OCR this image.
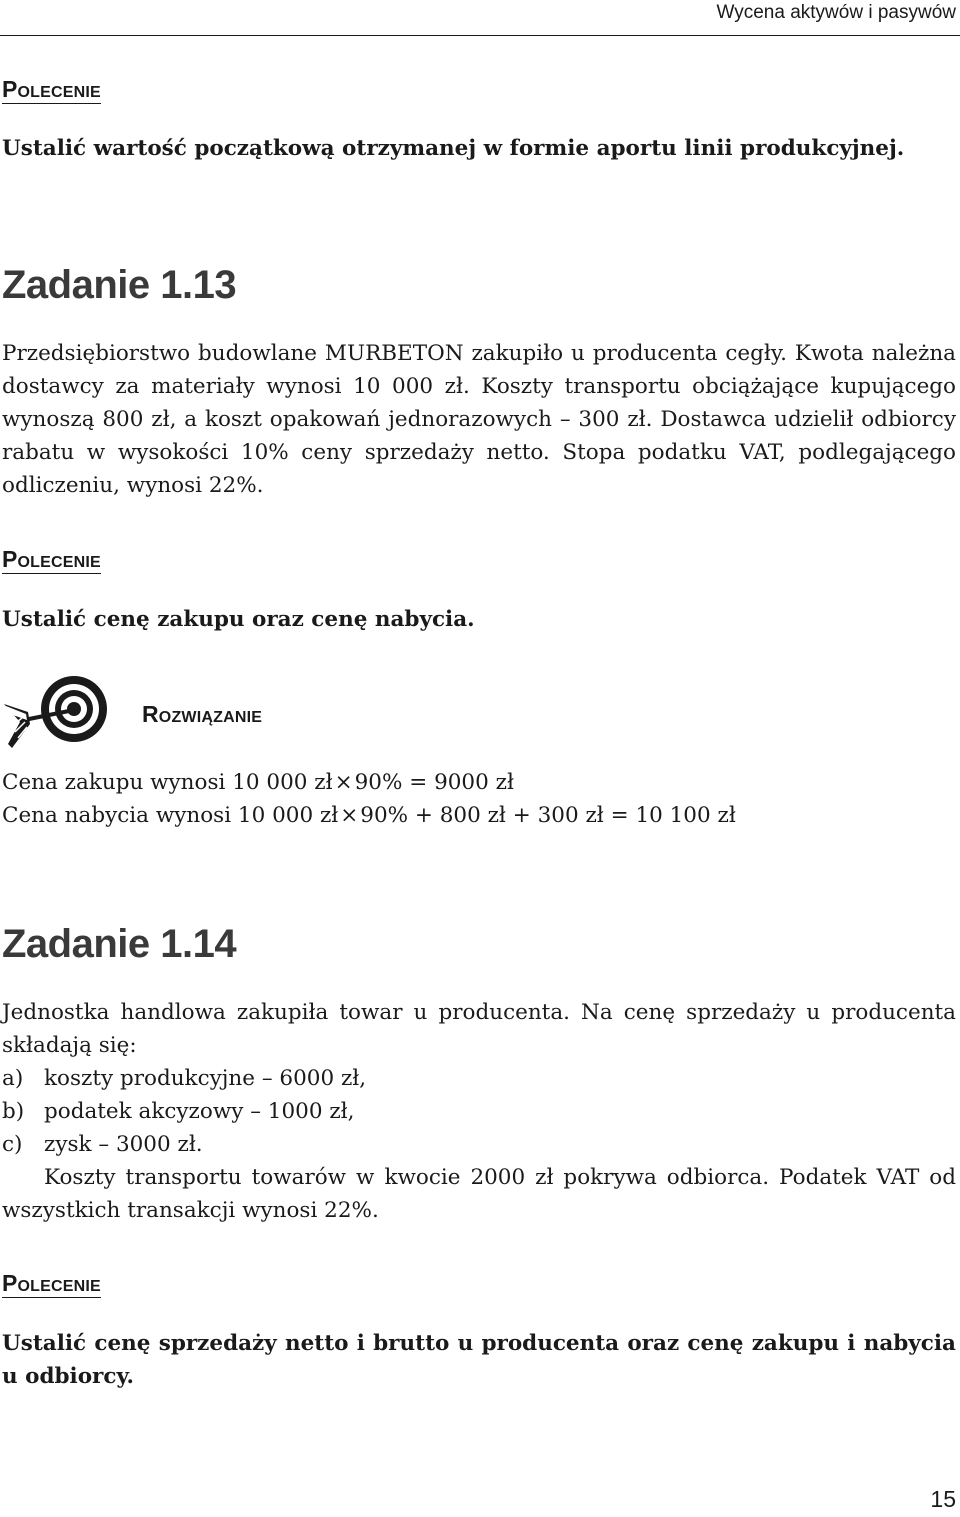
Wycena aktywów i pasywów
Polecenie
Ustalić wartość początkową otrzymanej w formie aportu linii produkcyjnej.
Zadanie 1.13

Przedsiębiorstwo budowlane MURBETON zakupiło u producenta cegły. Kwota należna dostawcy za materiały wynosi 10 000 zł. Koszty transportu obciążające kupującego wynoszą 800 zł, a koszt opakowań jednorazowych – 300 zł. Dostawca udzielił odbiorcy rabatu w wysokości 10% ceny sprzedaży netto. Stopa podatku VAT, podlegającego odliczeniu, wynosi 22%.

Polecenie
Ustalić cenę zakupu oraz cenę nabycia.
Rozwiązanie
Cena zakupu wynosi 10 000 zł×90% = 9000 zł
Cena nabycia wynosi 10 000 zł×90% + 800 zł + 300 zł = 10 100 zł
Zadanie 1.14

Jednostka handlowa zakupiła towar u producenta. Na cenę sprzedaży u producenta składają się:

a) koszty produkcyjne – 6000 zł,
b) podatek akcyzowy – 1000 zł,
c) zysk – 3000 zł.

Koszty transportu towarów w kwocie 2000 zł pokrywa odbiorca. Podatek VAT od wszystkich transakcji wynosi 22%.

Polecenie

Ustalić cenę sprzedaży netto i brutto u producenta oraz cenę zakupu i nabycia u odbiorcy.

15
